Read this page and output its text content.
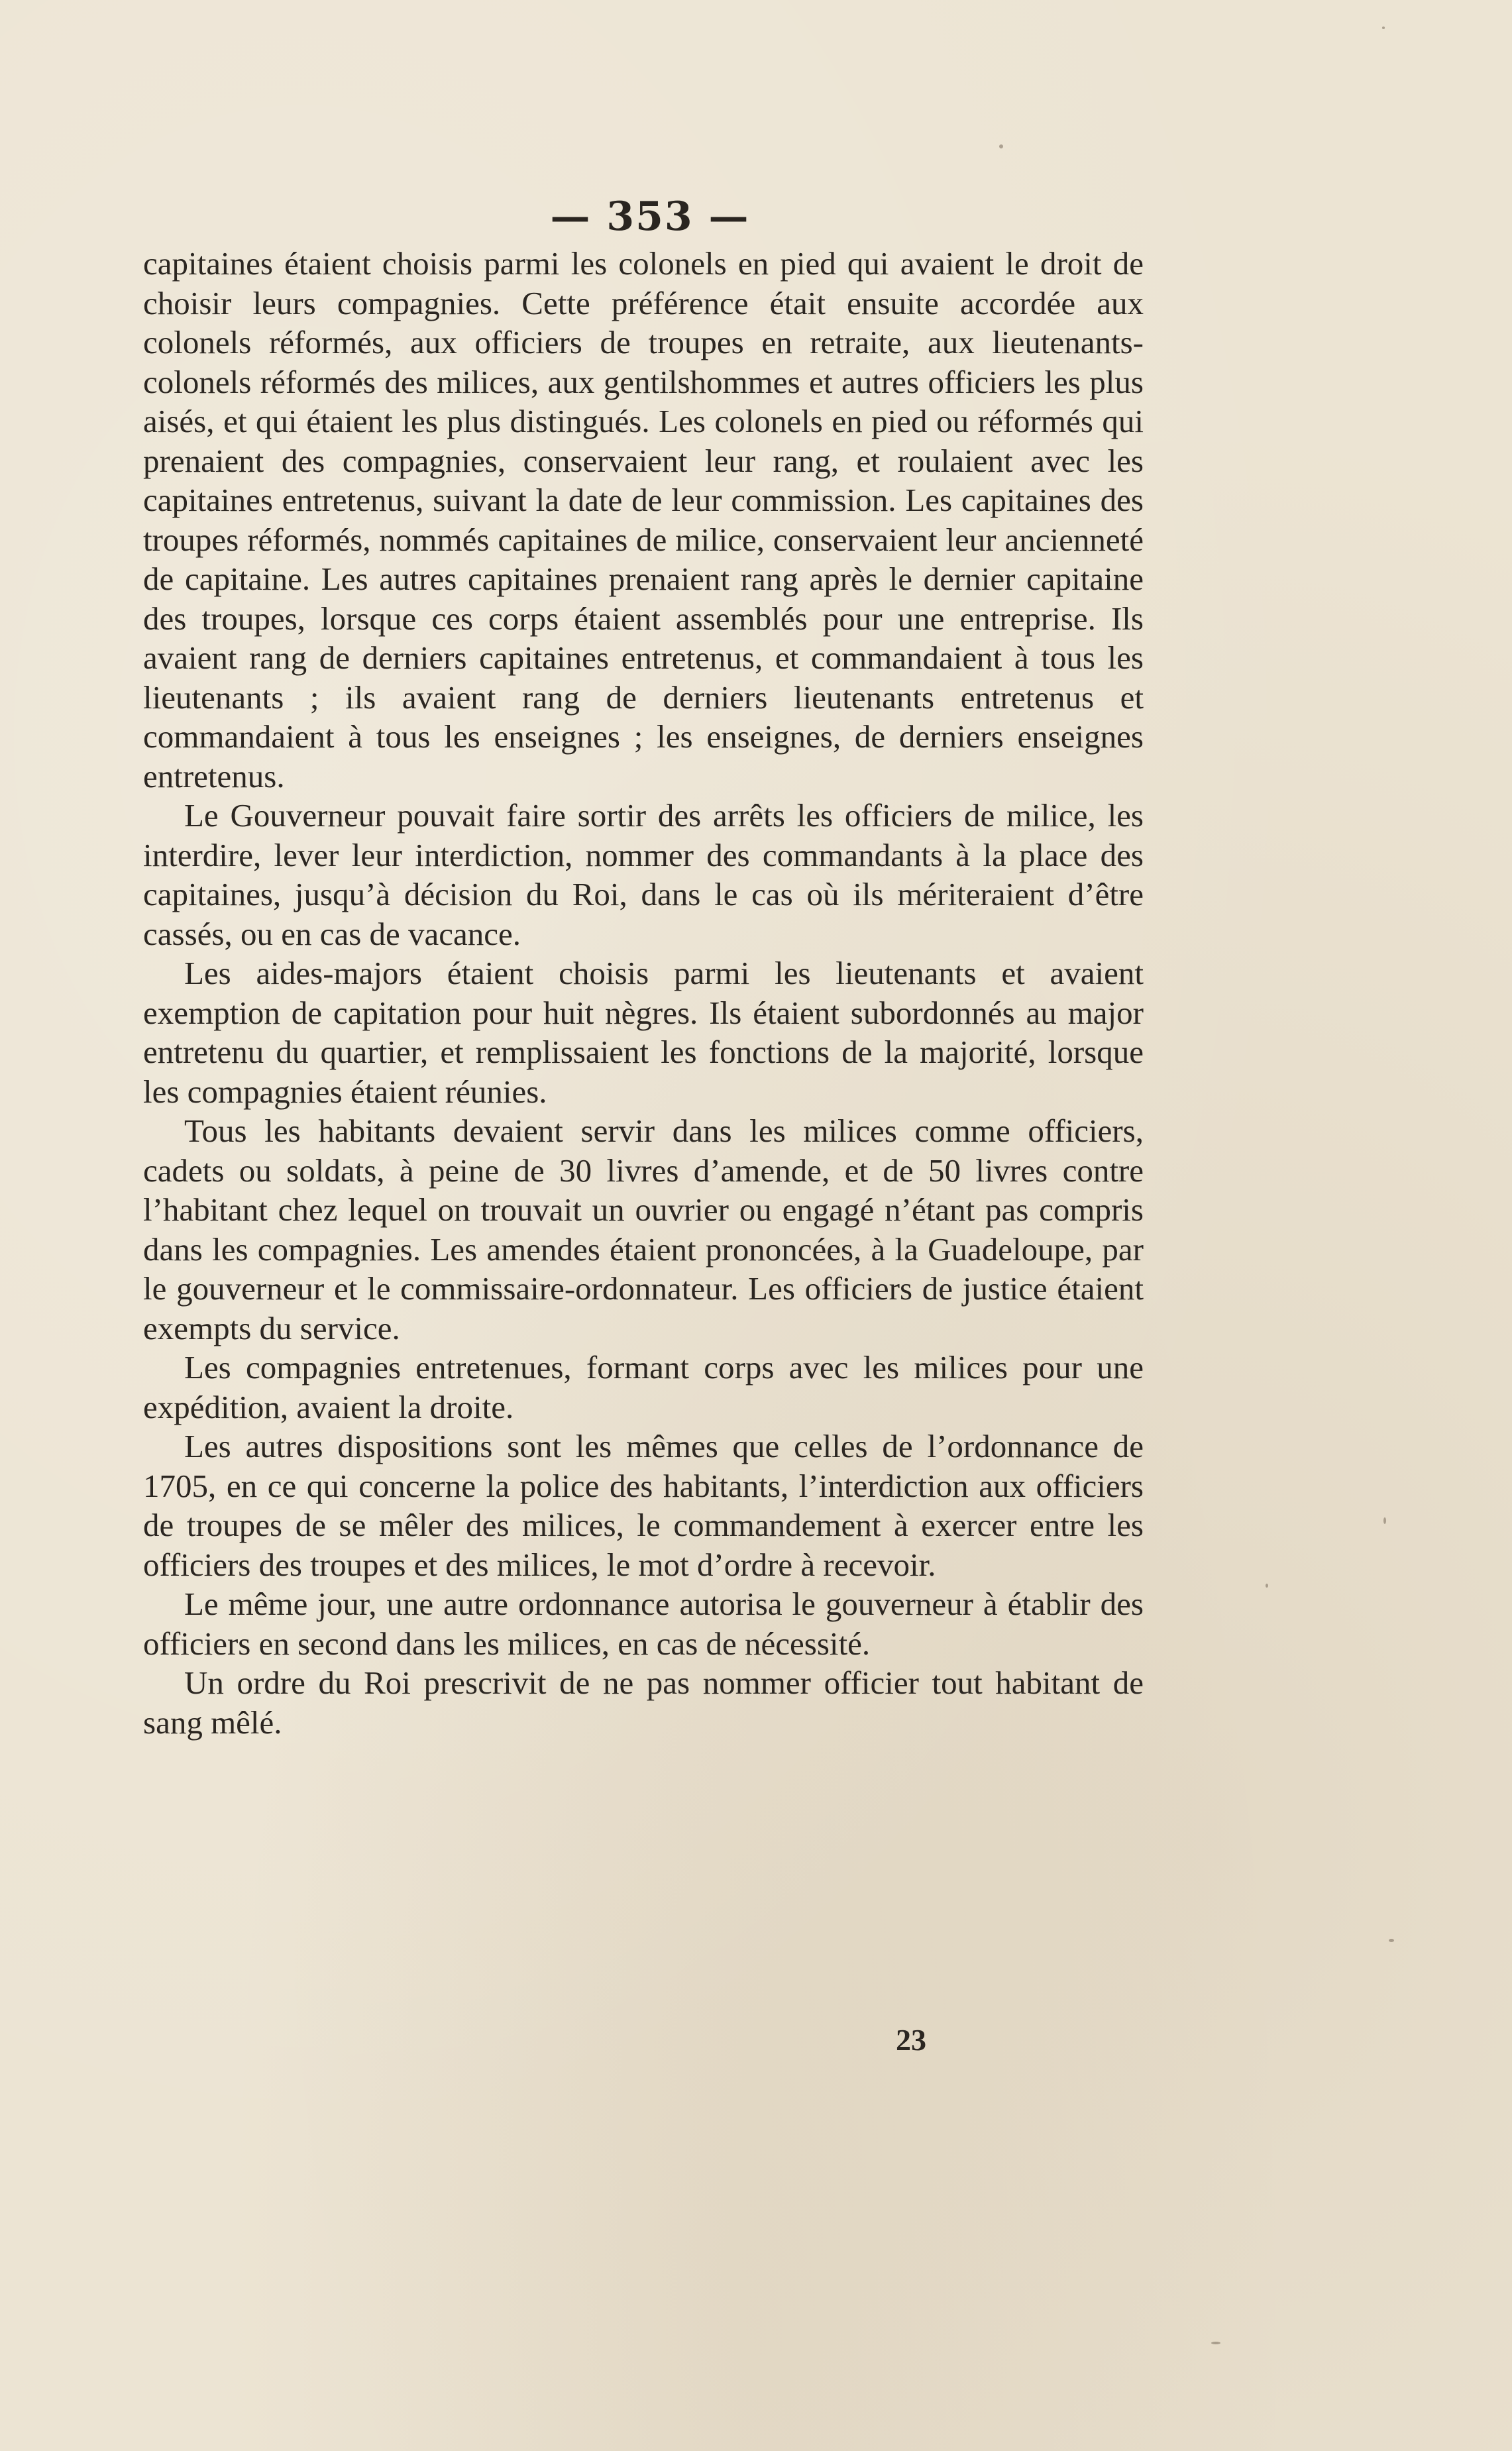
— 353 —

capitaines étaient choisis parmi les colonels en pied qui avaient le droit de choisir leurs compagnies. Cette préférence était ensuite accordée aux colonels réformés, aux officiers de troupes en retraite, aux lieutenants-colonels réformés des milices, aux gentilshommes et autres officiers les plus aisés, et qui étaient les plus distingués. Les colonels en pied ou réformés qui prenaient des compagnies, conservaient leur rang, et roulaient avec les capitaines entretenus, suivant la date de leur commission. Les capitaines des troupes réformés, nommés capitaines de milice, conservaient leur ancienneté de capitaine. Les autres capitaines prenaient rang après le dernier capitaine des troupes, lorsque ces corps étaient assemblés pour une entreprise. Ils avaient rang de derniers capitaines entretenus, et commandaient à tous les lieutenants ; ils avaient rang de derniers lieutenants entretenus et commandaient à tous les enseignes ; les enseignes, de derniers enseignes entretenus.

Le Gouverneur pouvait faire sortir des arrêts les officiers de milice, les interdire, lever leur interdiction, nommer des commandants à la place des capitaines, jusqu’à décision du Roi, dans le cas où ils mériteraient d’être cassés, ou en cas de vacance.

Les aides-majors étaient choisis parmi les lieutenants et avaient exemption de capitation pour huit nègres. Ils étaient subordonnés au major entretenu du quartier, et remplissaient les fonctions de la majorité, lorsque les compagnies étaient réunies.

Tous les habitants devaient servir dans les milices comme officiers, cadets ou soldats, à peine de 30 livres d’amende, et de 50 livres contre l’habitant chez lequel on trouvait un ouvrier ou engagé n’étant pas compris dans les compagnies. Les amendes étaient prononcées, à la Guadeloupe, par le gouverneur et le commissaire-ordonnateur. Les officiers de justice étaient exempts du service.

Les compagnies entretenues, formant corps avec les milices pour une expédition, avaient la droite.

Les autres dispositions sont les mêmes que celles de l’ordonnance de 1705, en ce qui concerne la police des habitants, l’interdiction aux officiers de troupes de se mêler des milices, le commandement à exercer entre les officiers des troupes et des milices, le mot d’ordre à recevoir.

Le même jour, une autre ordonnance autorisa le gouverneur à établir des officiers en second dans les milices, en cas de nécessité.

Un ordre du Roi prescrivit de ne pas nommer officier tout habitant de sang mêlé.

23
